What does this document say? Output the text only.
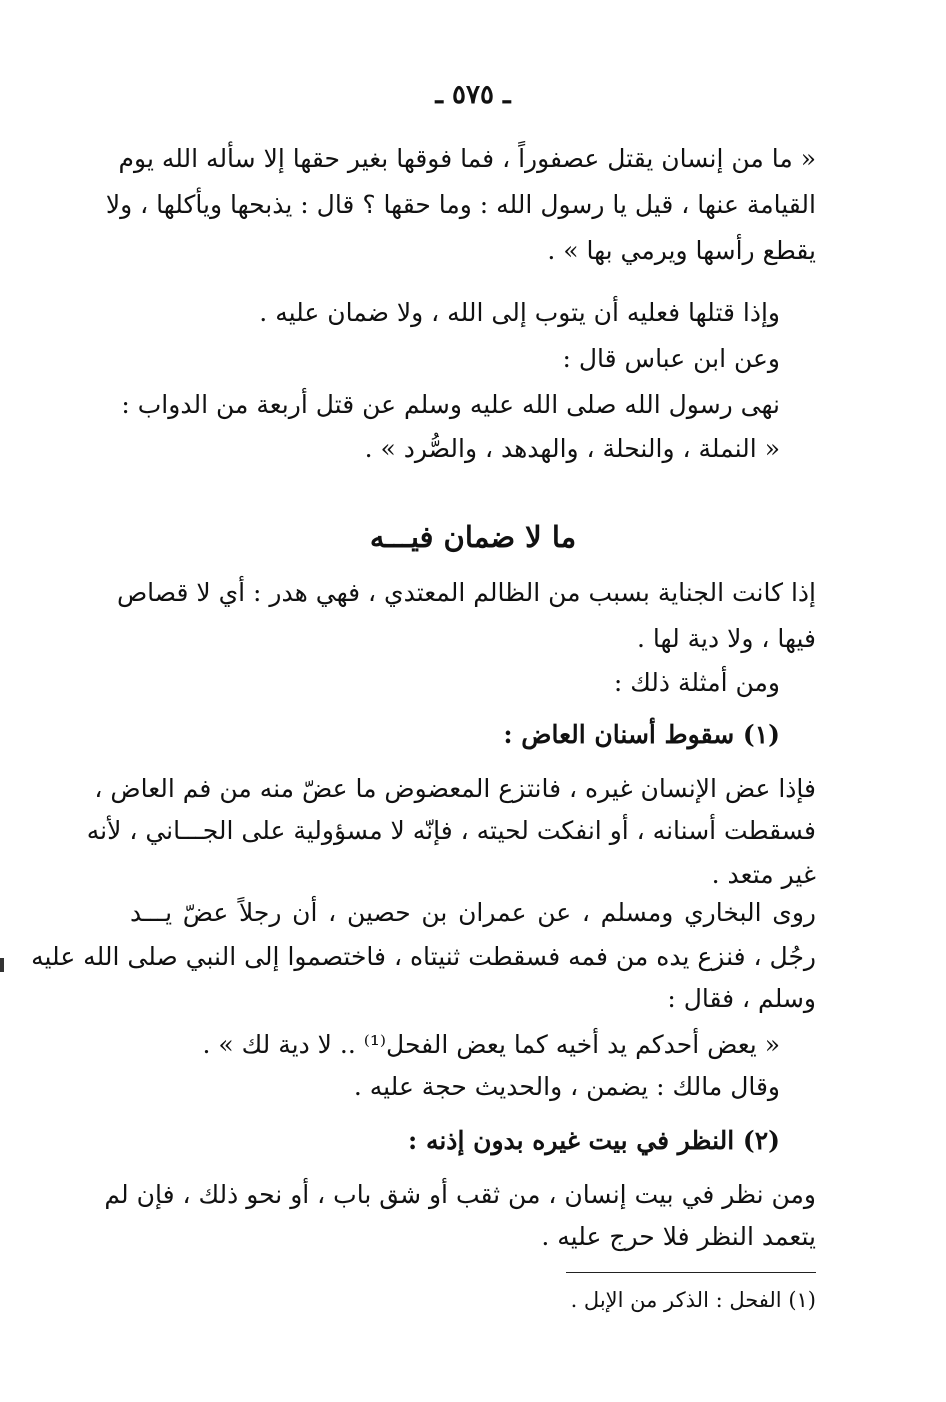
ـ ٥٧٥ ـ
« ما من إنسان يقتل عصفوراً ، فما فوقها بغير حقها إلا سأله الله يوم
القيامة عنها ، قيل يا رسول الله : وما حقها ؟ قال : يذبحها ويأكلها ، ولا
يقطع رأسها ويرمي بها » .
وإذا قتلها فعليه أن يتوب إلى الله ، ولا ضمان عليه .
وعن ابن عباس قال :
نهى رسول الله صلى الله عليه وسلم عن قتل أربعة من الدواب :
« النملة ، والنحلة ، والهدهد ، والصُّرد » .
ما لا ضمان فيـــه
إذا كانت الجناية بسبب من الظالم المعتدي ، فهي هدر : أي لا قصاص
فيها ، ولا دية لها .
ومن أمثلة ذلك :
(١) سقوط أسنان العاض :
فإذا عض الإنسان غيره ، فانتزع المعضوض ما عضّ منه من فم العاض ،
فسقطت أسنانه ، أو انفكت لحيته ، فإنّه لا مسؤولية على الجـــاني ، لأنه
غير متعد .
روى البخاري ومسلم ، عن عمران بن حصين ، أن رجلاً عضّ يـــد
رجُل ، فنزع يده من فمه فسقطت ثنيتاه ، فاختصموا إلى النبي صلى الله عليه
وسلم ، فقال :
« يعض أحدكم يد أخيه كما يعض الفحل⁽¹⁾ .. لا دية لك » .
وقال مالك : يضمن ، والحديث حجة عليه .
(٢) النظر في بيت غيره بدون إذنه :
ومن نظر في بيت إنسان ، من ثقب أو شق باب ، أو نحو ذلك ، فإن لم
يتعمد النظر فلا حرج عليه .
(١) الفحل : الذكر من الإبل .
